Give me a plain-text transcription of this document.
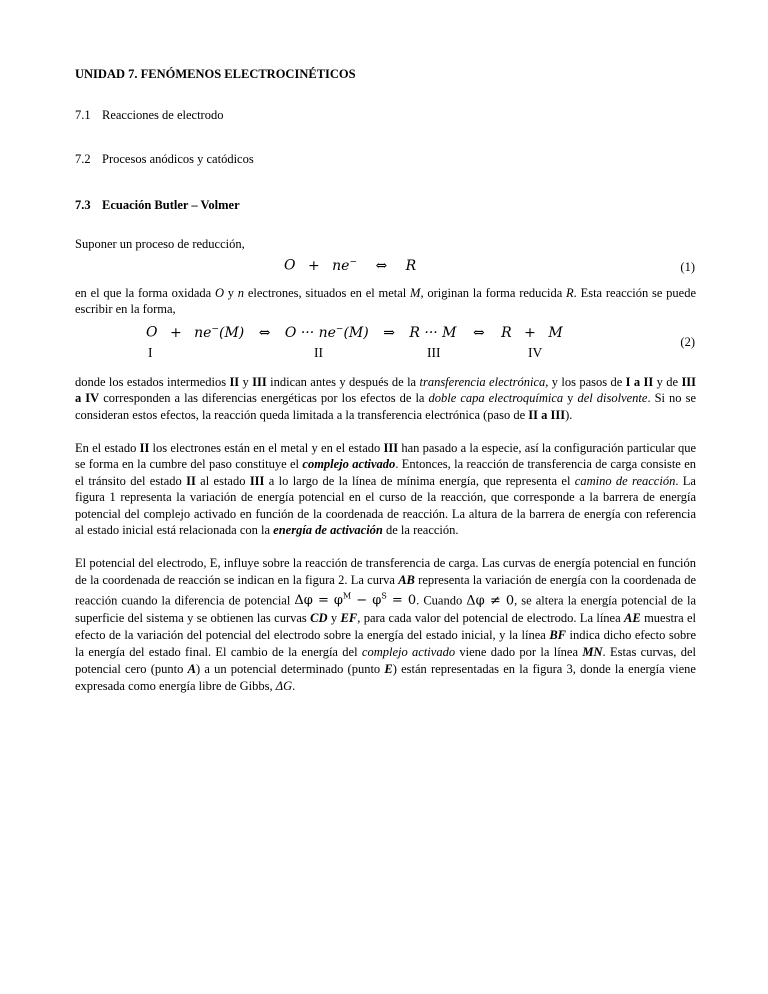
UNIDAD 7. FENÓMENOS ELECTROCINÉTICOS
7.1 Reacciones de electrodo
7.2 Procesos anódicos y catódicos
7.3 Ecuación Butler – Volmer
Suponer un proceso de reducción,
O + ne− ⇔ R	(1)

en el que la forma oxidada O y n electrones, situados en el metal M, originan la forma reducida R. Esta reacción se puede escribir en la forma,

O + ne−(M) ⇔ O ··· ne−(M) ⇒ R ··· M ⇔ R + M
I	II	III	IV
(2)

donde los estados intermedios II y III indican antes y después de la transferencia electrónica, y los pasos de I a II y de III a IV corresponden a las diferencias energéticas por los efectos de la doble capa electroquímica y del disolvente. Si no se consideran estos efectos, la reacción queda limitada a la transferencia electrónica (paso de II a III).

En el estado II los electrones están en el metal y en el estado III han pasado a la especie, así la configuración particular que se forma en la cumbre del paso constituye el complejo activado. Entonces, la reacción de transferencia de carga consiste en el tránsito del estado II al estado III a lo largo de la línea de mínima energía, que representa el camino de reacción. La figura 1 representa la variación de energía potencial en el curso de la reacción, que corresponde a la barrera de energía potencial del complejo activado en función de la coordenada de reacción. La altura de la barrera de energía con referencia al estado inicial está relacionada con la energía de activación de la reacción.

El potencial del electrodo, E, influye sobre la reacción de transferencia de carga. Las curvas de energía potencial en función de la coordenada de reacción se indican en la figura 2. La curva AB representa la variación de energía con la coordenada de reacción cuando la diferencia de potencial $\Delta\varphi = \varphi^M - \varphi^S = 0$. Cuando Δφ ≠ 0, se altera la energía potencial de la superficie del sistema y se obtienen las curvas CD y EF, para cada valor del potencial de electrodo. La línea AE muestra el efecto de la variación del potencial del electrodo sobre la energía del estado inicial, y la línea BF indica dicho efecto sobre la energía del estado final. El cambio de la energía del complejo activado viene dado por la línea MN. Estas curvas, del potencial cero (punto A) a un potencial determinado (punto E) están representadas en la figura 3, donde la energía viene expresada como energía libre de Gibbs, ΔG.
